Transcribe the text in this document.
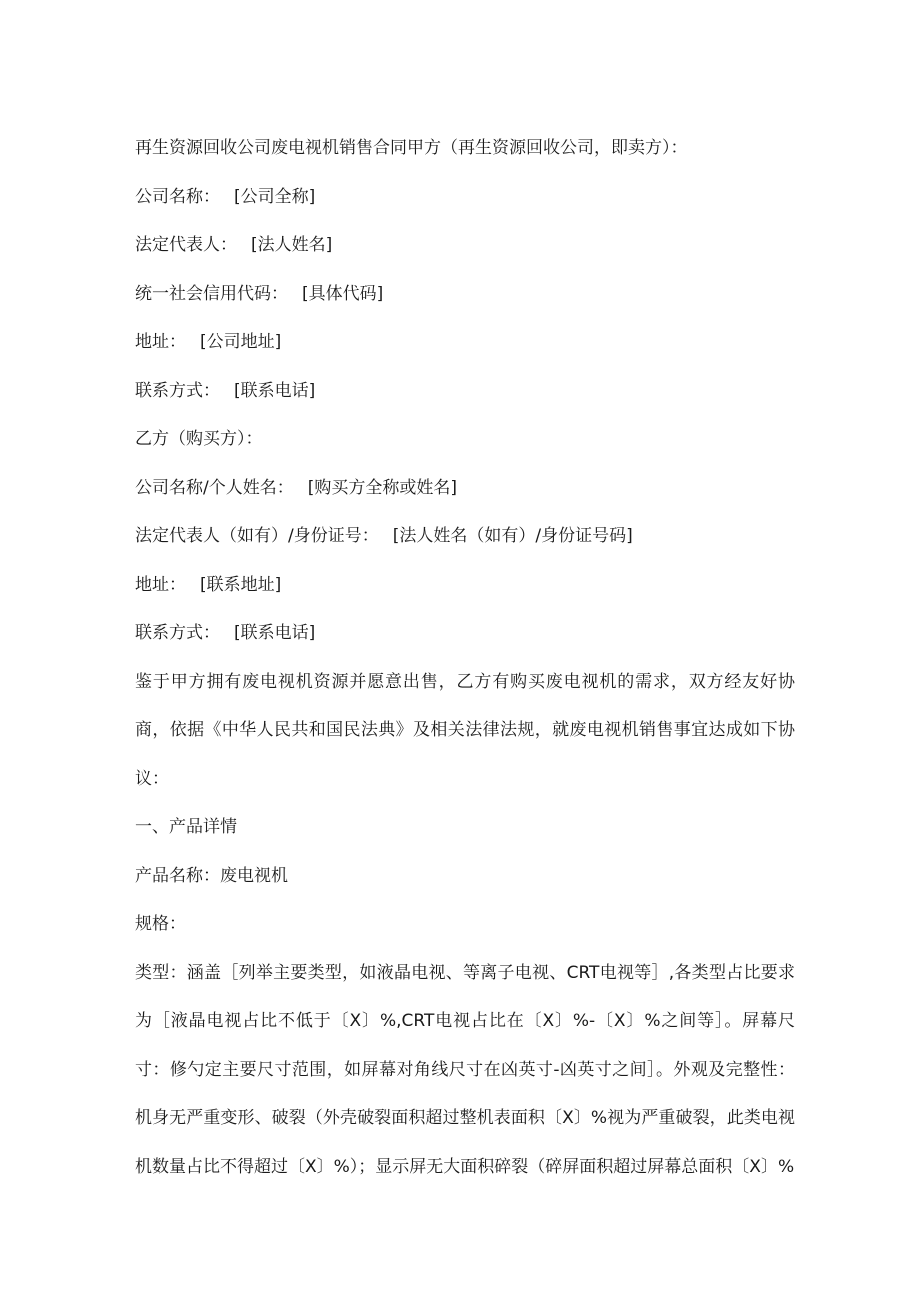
再生资源回收公司废电视机销售合同甲方（再生资源回收公司，即卖方）：
公司名称： [公司全称]
法定代表人： [法人姓名]
统一社会信用代码： [具体代码]
地址： [公司地址]
联系方式： [联系电话]
乙方（购买方）：
公司名称/个人姓名： [购买方全称或姓名]
法定代表人（如有）/身份证号： [法人姓名（如有）/身份证号码]
地址： [联系地址]
联系方式： [联系电话]
鉴于甲方拥有废电视机资源并愿意出售，乙方有购买废电视机的需求，双方经友好协商，依据《中华人民共和国民法典》及相关法律法规，就废电视机销售事宜达成如下协议：
一、产品详情
产品名称：废电视机
规格：
类型：涵盖［列举主要类型，如液晶电视、等离子电视、CRT电视等］,各类型占比要求为［液晶电视占比不低于〔X〕%,CRT电视占比在〔X〕%-〔X〕%之间等］。屏幕尺寸：修勺定主要尺寸范围，如屏幕对角线尺寸在凶英寸-凶英寸之间］。外观及完整性：机身无严重变形、破裂（外壳破裂面积超过整机表面积〔X〕%视为严重破裂，此类电视机数量占比不得超过〔X〕%）；显示屏无大面积碎裂（碎屏面积超过屏幕总面积〔X〕%
